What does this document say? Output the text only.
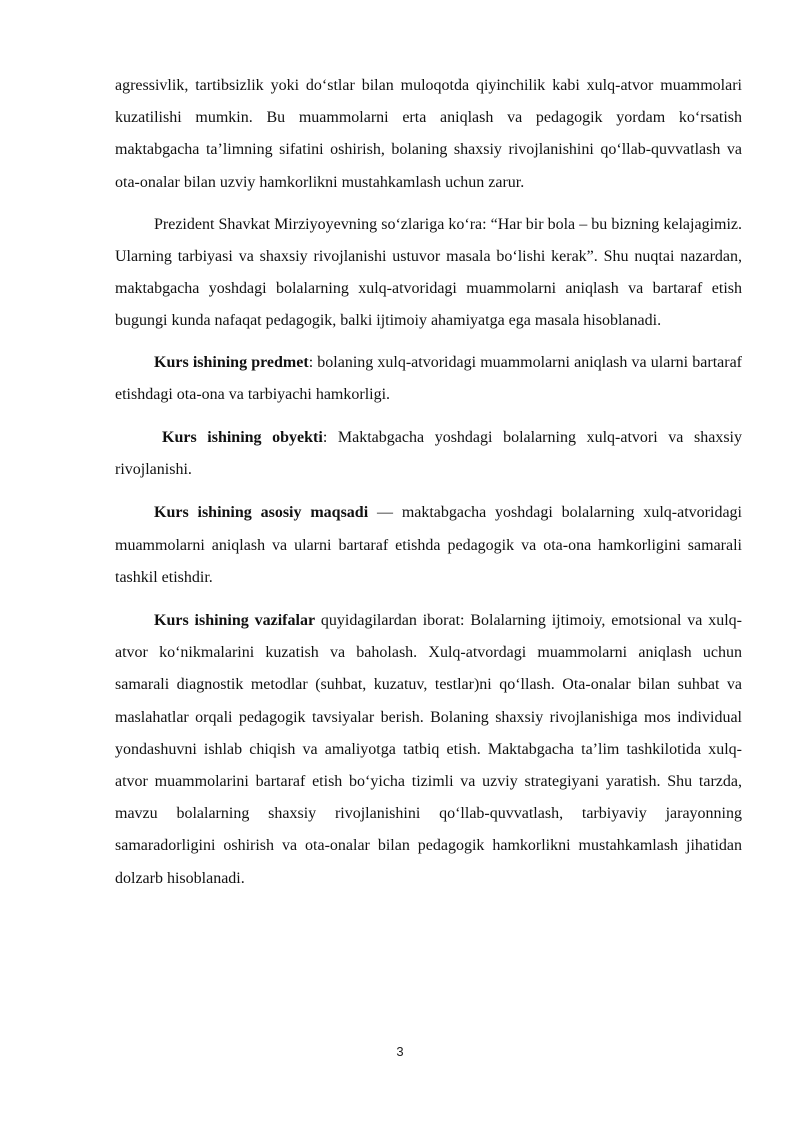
agressivlik, tartibsizlik yoki do‘stlar bilan muloqotda qiyinchilik kabi xulq-atvor muammolari kuzatilishi mumkin. Bu muammolarni erta aniqlash va pedagogik yordam ko‘rsatish maktabgacha ta’limning sifatini oshirish, bolaning shaxsiy rivojlanishini qo‘llab-quvvatlash va ota-onalar bilan uzviy hamkorlikni mustahkamlash uchun zarur.

Prezident Shavkat Mirziyoyevning so‘zlariga ko‘ra: “Har bir bola – bu bizning kelajagimiz. Ularning tarbiyasi va shaxsiy rivojlanishi ustuvor masala bo‘lishi kerak”. Shu nuqtai nazardan, maktabgacha yoshdagi bolalarning xulq-atvoridagi muammolarni aniqlash va bartaraf etish bugungi kunda nafaqat pedagogik, balki ijtimoiy ahamiyatga ega masala hisoblanadi.

Kurs ishining predmet: bolaning xulq-atvoridagi muammolarni aniqlash va ularni bartaraf etishdagi ota-ona va tarbiyachi hamkorligi.

Kurs ishining obyekti: Maktabgacha yoshdagi bolalarning xulq-atvori va shaxsiy rivojlanishi.

Kurs ishining asosiy maqsadi — maktabgacha yoshdagi bolalarning xulq-atvoridagi muammolarni aniqlash va ularni bartaraf etishda pedagogik va ota-ona hamkorligini samarali tashkil etishdir.

Kurs ishining vazifalar quyidagilardan iborat: Bolalarning ijtimoiy, emotsional va xulq-atvor ko‘nikmalarini kuzatish va baholash. Xulq-atvordagi muammolarni aniqlash uchun samarali diagnostik metodlar (suhbat, kuzatuv, testlar)ni qo‘llash. Ota-onalar bilan suhbat va maslahatlar orqali pedagogik tavsiyalar berish. Bolaning shaxsiy rivojlanishiga mos individual yondashuvni ishlab chiqish va amaliyotga tatbiq etish. Maktabgacha ta’lim tashkilotida xulq-atvor muammolarini bartaraf etish bo‘yicha tizimli va uzviy strategiyani yaratish. Shu tarzda, mavzu bolalarning shaxsiy rivojlanishini qo‘llab-quvvatlash, tarbiyaviy jarayonning samaradorligini oshirish va ota-onalar bilan pedagogik hamkorlikni mustahkamlash jihatidan dolzarb hisoblanadi.

3
